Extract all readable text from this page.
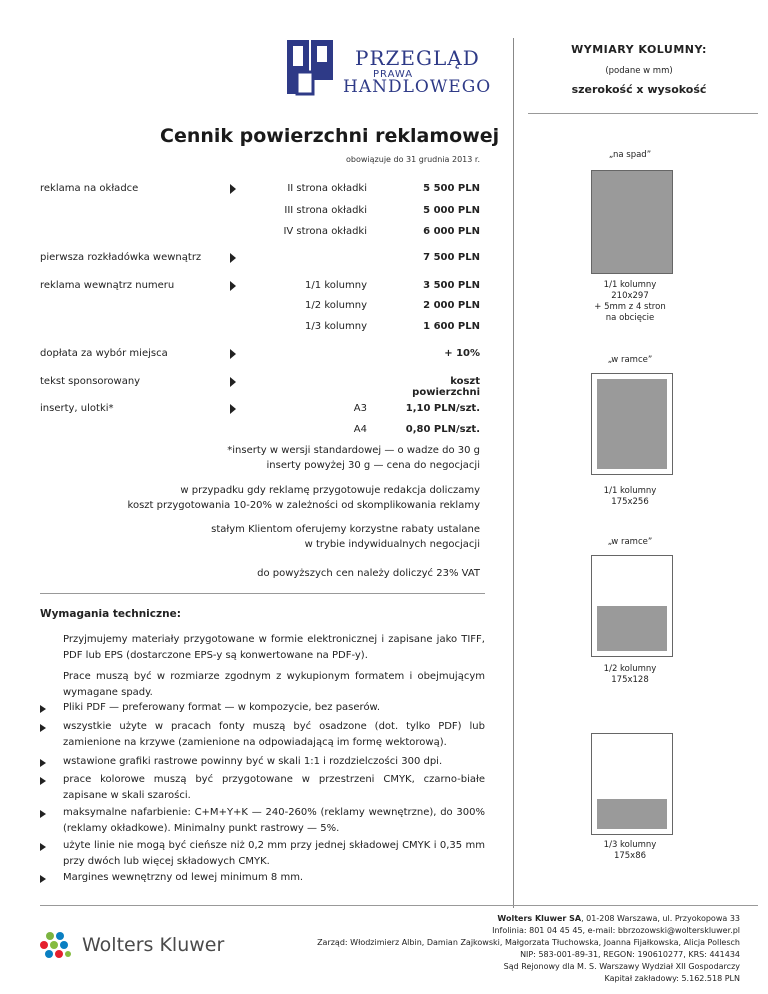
PRZEGLĄD
PRAWA
HANDLOWEGO
Cennik powierzchni reklamowej
obowiązuje do 31 grudnia 2013 r.
reklama na okładce	II strona okładki	5 500 PLN
III strona okładki	5 000 PLN
IV strona okładki	6 000 PLN
pierwsza rozkładówka wewnątrz	7 500 PLN
reklama wewnątrz numeru	1/1 kolumny	3 500 PLN
1/2 kolumny	2 000 PLN
1/3 kolumny	1 600 PLN
dopłata za wybór miejsca	+ 10%
tekst sponsorowany	koszt powierzchni
inserty, ulotki*	A3	1,10 PLN/szt.
A4	0,80 PLN/szt.
*inserty w wersji standardowej — o wadze do 30 g
inserty powyżej 30 g — cena do negocjacji
w przypadku gdy reklamę przygotowuje redakcja doliczamy
koszt przygotowania 10-20% w zależności od skomplikowania reklamy
stałym Klientom oferujemy korzystne rabaty ustalane
w trybie indywidualnych negocjacji
do powyższych cen należy doliczyć 23% VAT
Wymagania techniczne:
Przyjmujemy materiały przygotowane w formie elektronicznej i zapisane jako TIFF, PDF lub EPS (dostarczone EPS-y są konwertowane na PDF-y).
Prace muszą być w rozmiarze zgodnym z wykupionym formatem i obejmującym wymagane spady.
Pliki PDF — preferowany format — w kompozycie, bez paserów.
wszystkie użyte w pracach fonty muszą być osadzone (dot. tylko PDF) lub zamienione na krzywe (zamienione na odpowiadającą im formę wektorową).
wstawione grafiki rastrowe powinny być w skali 1:1 i rozdzielczości 300 dpi.
prace kolorowe muszą być przygotowane w przestrzeni CMYK, czarno-białe zapisane w skali szarości.
maksymalne nafarbienie: C+M+Y+K — 240-260% (reklamy wewnętrzne), do 300% (reklamy okładkowe). Minimalny punkt rastrowy — 5%.
użyte linie nie mogą być cieńsze niż 0,2 mm przy jednej składowej CMYK i 0,35 mm przy dwóch lub więcej składowych CMYK.
Margines wewnętrzny od lewej minimum 8 mm.
WYMIARY KOLUMNY:
(podane w mm)
szerokość x wysokość
„na spad”
1/1 kolumny
210x297
+ 5mm z 4 stron
na obcięcie
„w ramce”
1/1 kolumny
175x256
„w ramce”
1/2 kolumny
175x128
1/3 kolumny
175x86
Wolters Kluwer
Wolters Kluwer SA, 01-208 Warszawa, ul. Przyokopowa 33
Infolinia: 801 04 45 45, e-mail: bbrzozowski@wolterskluwer.pl
Zarząd: Włodzimierz Albin, Damian Zajkowski, Małgorzata Tłuchowska, Joanna Fijałkowska, Alicja Pollesch
NIP: 583-001-89-31, REGON: 190610277, KRS: 441434
Sąd Rejonowy dla M. S. Warszawy Wydział XII Gospodarczy
Kapitał zakładowy: 5.162.518 PLN
